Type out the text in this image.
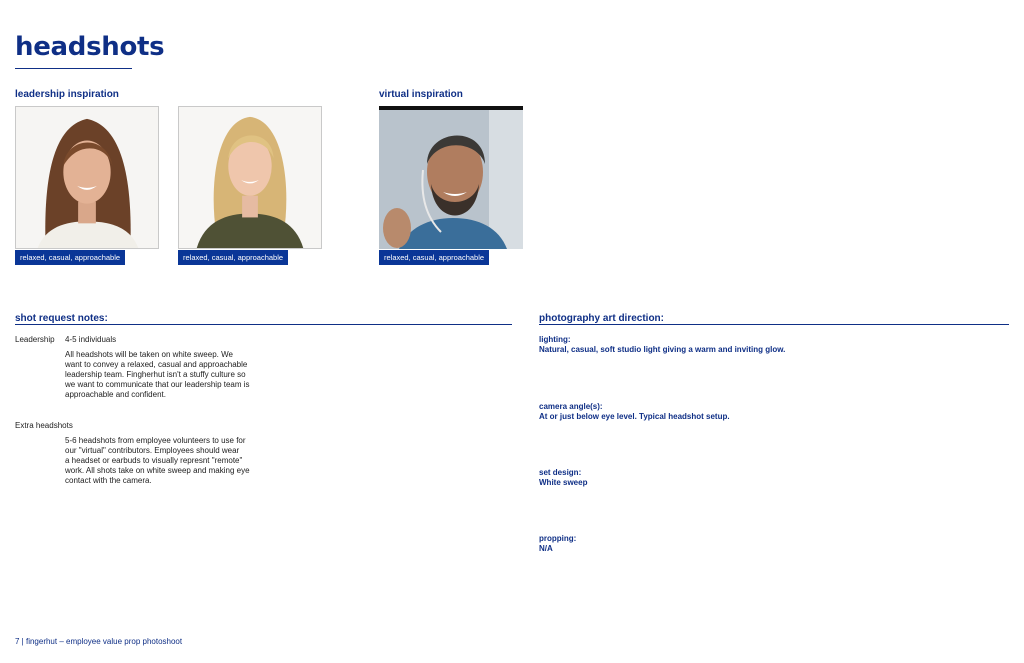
headshots
leadership inspiration	virtual inspiration
relaxed, casual, approachable	relaxed, casual, approachable	relaxed, casual, approachable
shot request notes:
Leadership 4-5 individuals
All headshots will be taken on white sweep. We
want to convey a relaxed, casual and approachable
leadership team. Fingherhut isn't a stuffy culture so
we want to communicate that our leadership team is
approachable and confident.
Extra headshots
5-6 headshots from employee volunteers to use for
our "virtual" contributors. Employees should wear
a headset or earbuds to visually represnt "remote"
work. All shots take on white sweep and making eye
contact with the camera.
photography art direction:
lighting:
Natural, casual, soft studio light giving a warm and inviting glow.
camera angle(s):
At or just below eye level. Typical headshot setup.
set design:
White sweep
propping:
N/A
7 | fingerhut – employee value prop photoshoot
